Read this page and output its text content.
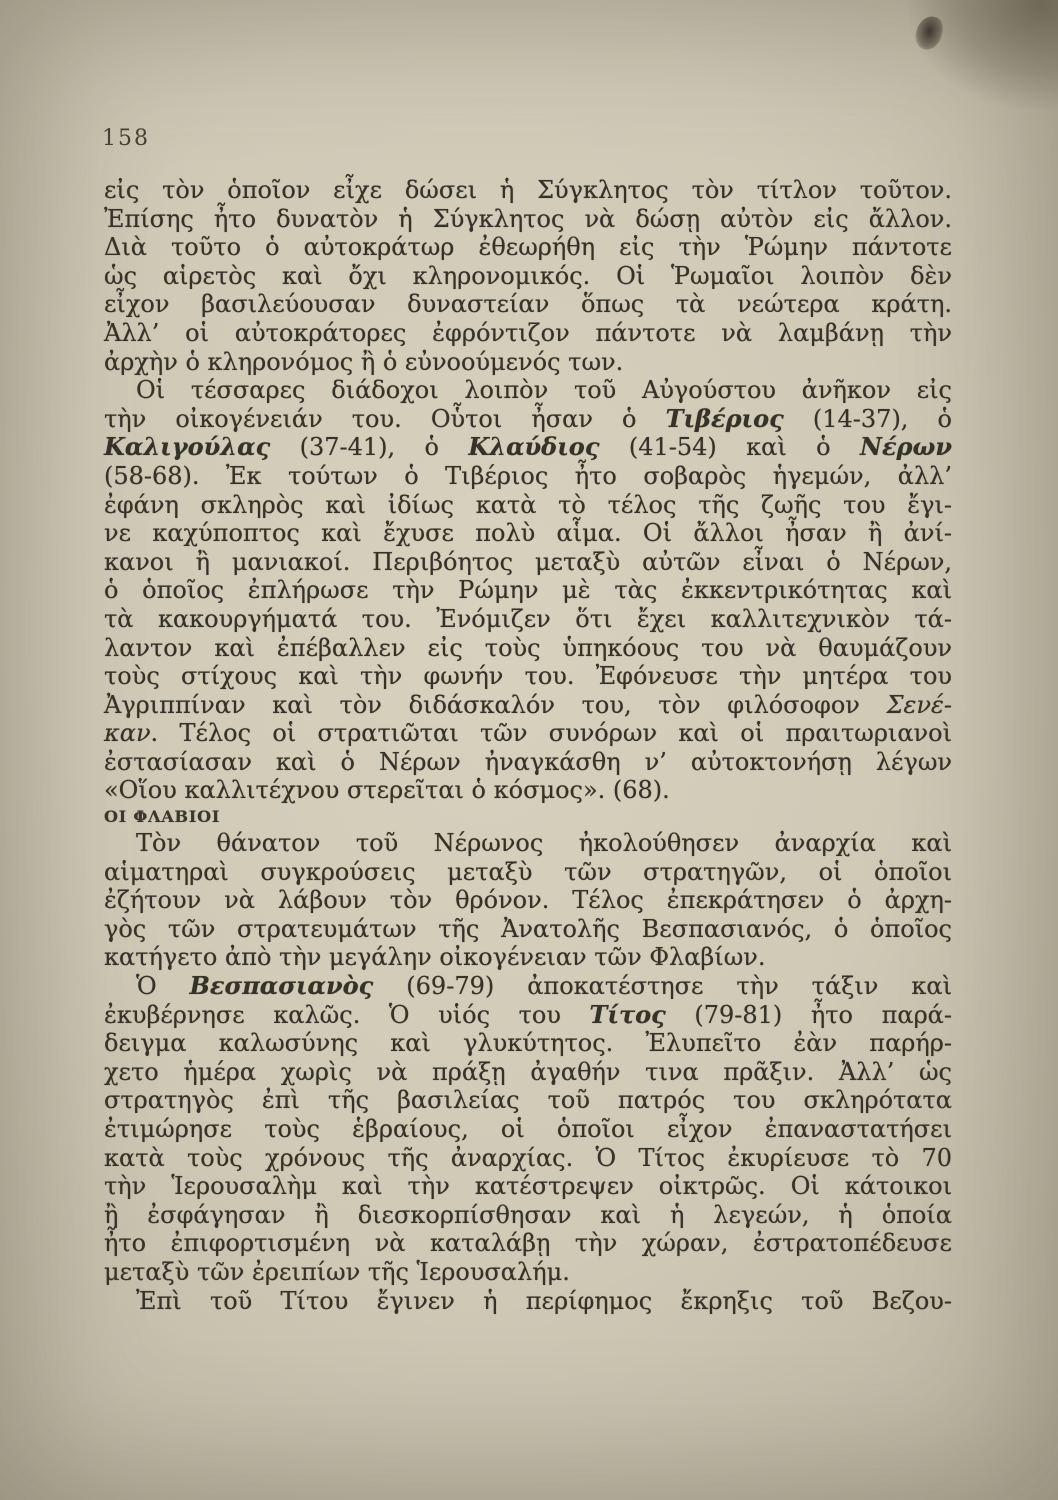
158
εἰς τὸν ὁποῖον εἶχε δώσει ἡ Σύγκλητος τὸν τίτλον τοῦτον.
Ἐπίσης ἦτο δυνατὸν ἡ Σύγκλητος νὰ δώσῃ αὐτὸν εἰς ἄλλον.
Διὰ τοῦτο ὁ αὐτοκράτωρ ἐθεωρήθη εἰς τὴν Ῥώμην πάντοτε
ὡς αἱρετὸς καὶ ὄχι κληρονομικός. Οἱ Ῥωμαῖοι λοιπὸν δὲν
εἶχον βασιλεύουσαν δυναστείαν ὅπως τὰ νεώτερα κράτη.
Ἀλλ’ οἱ αὐτοκράτορες ἐφρόντιζον πάντοτε νὰ λαμβάνῃ τὴν
ἀρχὴν ὁ κληρονόμος ἢ ὁ εὐνοούμενός των.
Οἱ τέσσαρες διάδοχοι λοιπὸν τοῦ Αὐγούστου ἀνῆκον εἰς
τὴν οἰκογένειάν του. Οὗτοι ἦσαν ὁ Τιβέριος (14-37), ὁ
Καλιγούλας (37-41), ὁ Κλαύδιος (41-54) καὶ ὁ Νέρων
(58-68). Ἐκ τούτων ὁ Τιβέριος ἦτο σοβαρὸς ἡγεμών, ἀλλ’
ἐφάνη σκληρὸς καὶ ἰδίως κατὰ τὸ τέλος τῆς ζωῆς του ἔγι-
νε καχύποπτος καὶ ἔχυσε πολὺ αἷμα. Οἱ ἄλλοι ἦσαν ἢ ἀνί-
κανοι ἢ μανιακοί. Περιβόητος μεταξὺ αὐτῶν εἶναι ὁ Νέρων,
ὁ ὁποῖος ἐπλήρωσε τὴν Ρώμην μὲ τὰς ἐκκεντρικότητας καὶ
τὰ κακουργήματά του. Ἐνόμιζεν ὅτι ἔχει καλλιτεχνικὸν τά-
λαντον καὶ ἐπέβαλλεν εἰς τοὺς ὑπηκόους του νὰ θαυμάζουν
τοὺς στίχους καὶ τὴν φωνήν του. Ἐφόνευσε τὴν μητέρα του
Ἀγριππίναν καὶ τὸν διδάσκαλόν του, τὸν φιλόσοφον Σενέ-
καν. Τέλος οἱ στρατιῶται τῶν συνόρων καὶ οἱ πραιτωριανοὶ
ἐστασίασαν καὶ ὁ Νέρων ἠναγκάσθη ν’ αὐτοκτονήσῃ λέγων
«Οἵου καλλιτέχνου στερεῖται ὁ κόσμος». (68).
ΟΙ ΦΛΑΒΙΟΙ
Τὸν θάνατον τοῦ Νέρωνος ἠκολούθησεν ἀναρχία καὶ
αἱματηραὶ συγκρούσεις μεταξὺ τῶν στρατηγῶν, οἱ ὁποῖοι
ἐζήτουν νὰ λάβουν τὸν θρόνον. Τέλος ἐπεκράτησεν ὁ ἀρχη-
γὸς τῶν στρατευμάτων τῆς Ἀνατολῆς Βεσπασιανός, ὁ ὁποῖος
κατήγετο ἀπὸ τὴν μεγάλην οἰκογένειαν τῶν Φλαβίων.
Ὁ Βεσπασιανὸς (69-79) ἀποκατέστησε τὴν τάξιν καὶ
ἐκυβέρνησε καλῶς. Ὁ υἱός του Τίτος (79-81) ἦτο παρά-
δειγμα καλωσύνης καὶ γλυκύτητος. Ἐλυπεῖτο ἐὰν παρήρ-
χετο ἡμέρα χωρὶς νὰ πράξῃ ἀγαθήν τινα πρᾶξιν. Ἀλλ’ ὡς
στρατηγὸς ἐπὶ τῆς βασιλείας τοῦ πατρός του σκληρότατα
ἐτιμώρησε τοὺς ἑβραίους, οἱ ὁποῖοι εἶχον ἐπαναστατήσει
κατὰ τοὺς χρόνους τῆς ἀναρχίας. Ὁ Τίτος ἐκυρίευσε τὸ 70
τὴν Ἱερουσαλὴμ καὶ τὴν κατέστρεψεν οἰκτρῶς. Οἱ κάτοικοι
ἢ ἐσφάγησαν ἢ διεσκορπίσθησαν καὶ ἡ λεγεών, ἡ ὁποία
ἦτο ἐπιφορτισμένη νὰ καταλάβῃ τὴν χώραν, ἐστρατοπέδευσε
μεταξὺ τῶν ἐρειπίων τῆς Ἱερουσαλήμ.
Ἐπὶ τοῦ Τίτου ἔγινεν ἡ περίφημος ἔκρηξις τοῦ Βεζου-
